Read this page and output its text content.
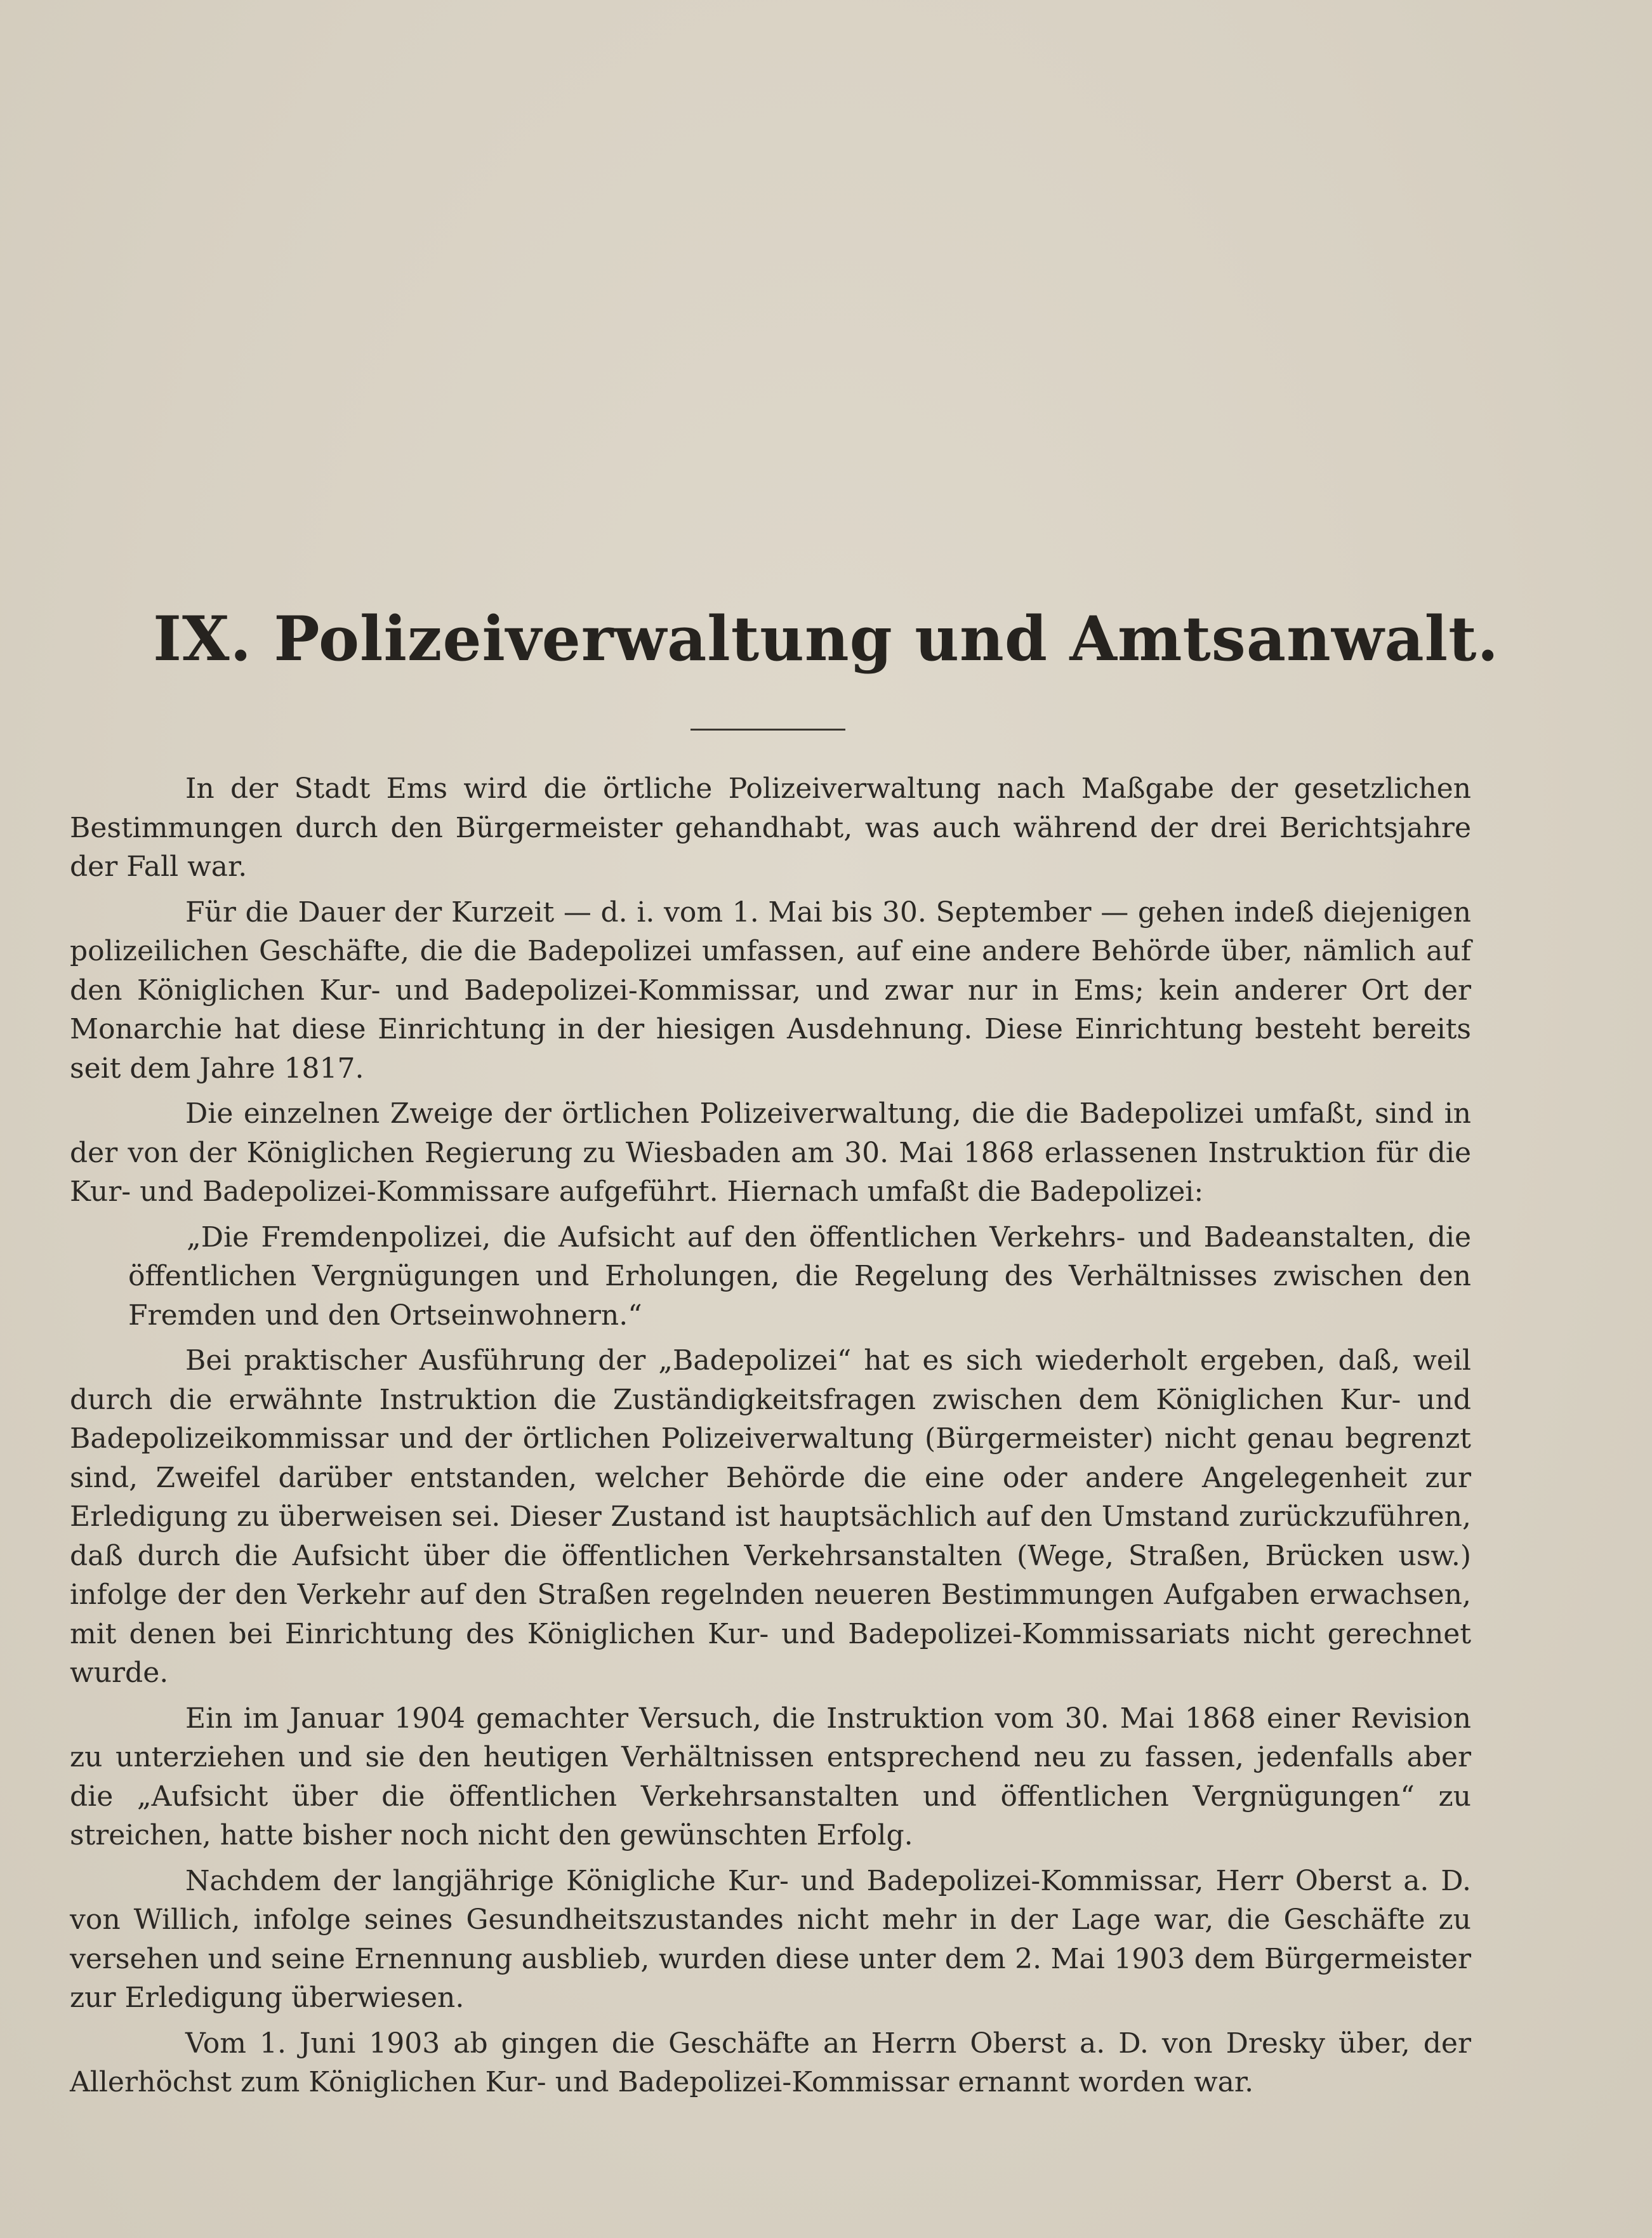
IX. Polizeiverwaltung und Amtsanwalt.

In der Stadt Ems wird die örtliche Polizeiverwaltung nach Maßgabe der gesetzlichen Bestimmungen durch den Bürgermeister gehandhabt, was auch während der drei Berichtsjahre der Fall war.

Für die Dauer der Kurzeit — d. i. vom 1. Mai bis 30. September — gehen indeß diejenigen polizeilichen Geschäfte, die die Badepolizei umfassen, auf eine andere Behörde über, nämlich auf den Königlichen Kur- und Badepolizei-Kommissar, und zwar nur in Ems; kein anderer Ort der Monarchie hat diese Einrichtung in der hiesigen Ausdehnung. Diese Einrichtung besteht bereits seit dem Jahre 1817.

Die einzelnen Zweige der örtlichen Polizeiverwaltung, die die Badepolizei umfaßt, sind in der von der Königlichen Regierung zu Wiesbaden am 30. Mai 1868 erlassenen Instruktion für die Kur- und Badepolizei-Kommissare aufgeführt. Hiernach umfaßt die Badepolizei:

„Die Fremdenpolizei, die Aufsicht auf den öffentlichen Verkehrs- und Badeanstalten, die öffentlichen Vergnügungen und Erholungen, die Regelung des Verhältnisses zwischen den Fremden und den Ortseinwohnern.“

Bei praktischer Ausführung der „Badepolizei“ hat es sich wiederholt ergeben, daß, weil durch die erwähnte Instruktion die Zuständigkeitsfragen zwischen dem Königlichen Kur- und Badepolizeikommissar und der örtlichen Polizeiverwaltung (Bürgermeister) nicht genau begrenzt sind, Zweifel darüber entstanden, welcher Behörde die eine oder andere Angelegenheit zur Erledigung zu überweisen sei. Dieser Zustand ist hauptsächlich auf den Umstand zurückzuführen, daß durch die Aufsicht über die öffentlichen Verkehrsanstalten (Wege, Straßen, Brücken usw.) infolge der den Verkehr auf den Straßen regelnden neueren Bestimmungen Aufgaben erwachsen, mit denen bei Einrichtung des Königlichen Kur- und Badepolizei-Kommissariats nicht gerechnet wurde.

Ein im Januar 1904 gemachter Versuch, die Instruktion vom 30. Mai 1868 einer Revision zu unterziehen und sie den heutigen Verhältnissen entsprechend neu zu fassen, jedenfalls aber die „Aufsicht über die öffentlichen Verkehrsanstalten und öffentlichen Vergnügungen“ zu streichen, hatte bisher noch nicht den gewünschten Erfolg.

Nachdem der langjährige Königliche Kur- und Badepolizei-Kommissar, Herr Oberst a. D. von Willich, infolge seines Gesundheitszustandes nicht mehr in der Lage war, die Geschäfte zu versehen und seine Ernennung ausblieb, wurden diese unter dem 2. Mai 1903 dem Bürgermeister zur Erledigung überwiesen.

Vom 1. Juni 1903 ab gingen die Geschäfte an Herrn Oberst a. D. von Dresky über, der Allerhöchst zum Königlichen Kur- und Badepolizei-Kommissar ernannt worden war.
